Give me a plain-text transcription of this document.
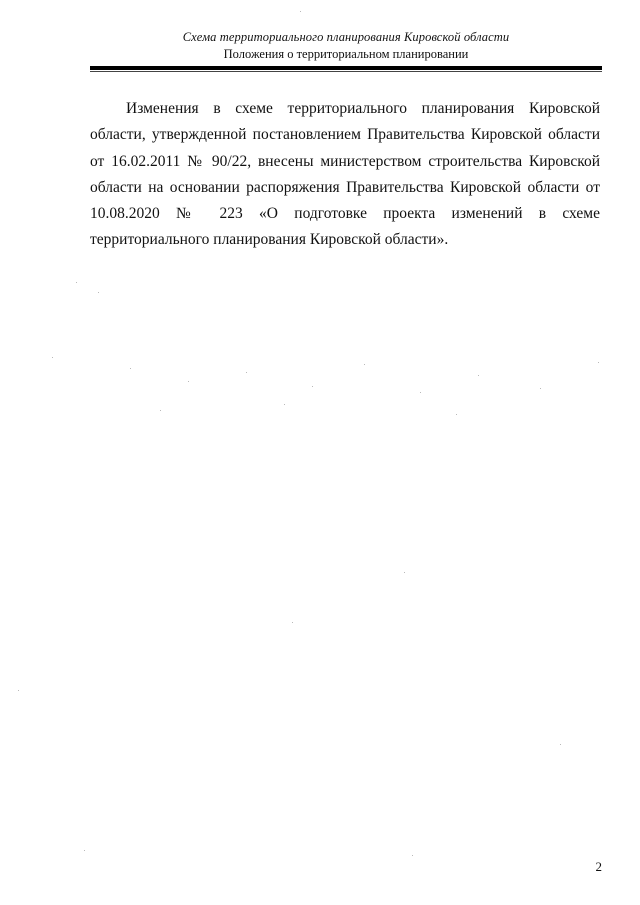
Схема территориального планирования Кировской области
Положения о территориальном планировании

Изменения в схеме территориального планирования Кировской области, утвержденной постановлением Правительства Кировской области от 16.02.2011 № 90/22, внесены министерством строительства Кировской области на основании распоряжения Правительства Кировской области от 10.08.2020 № 223 «О подготовке проекта изменений в схеме территориального планирования Кировской области».

2
